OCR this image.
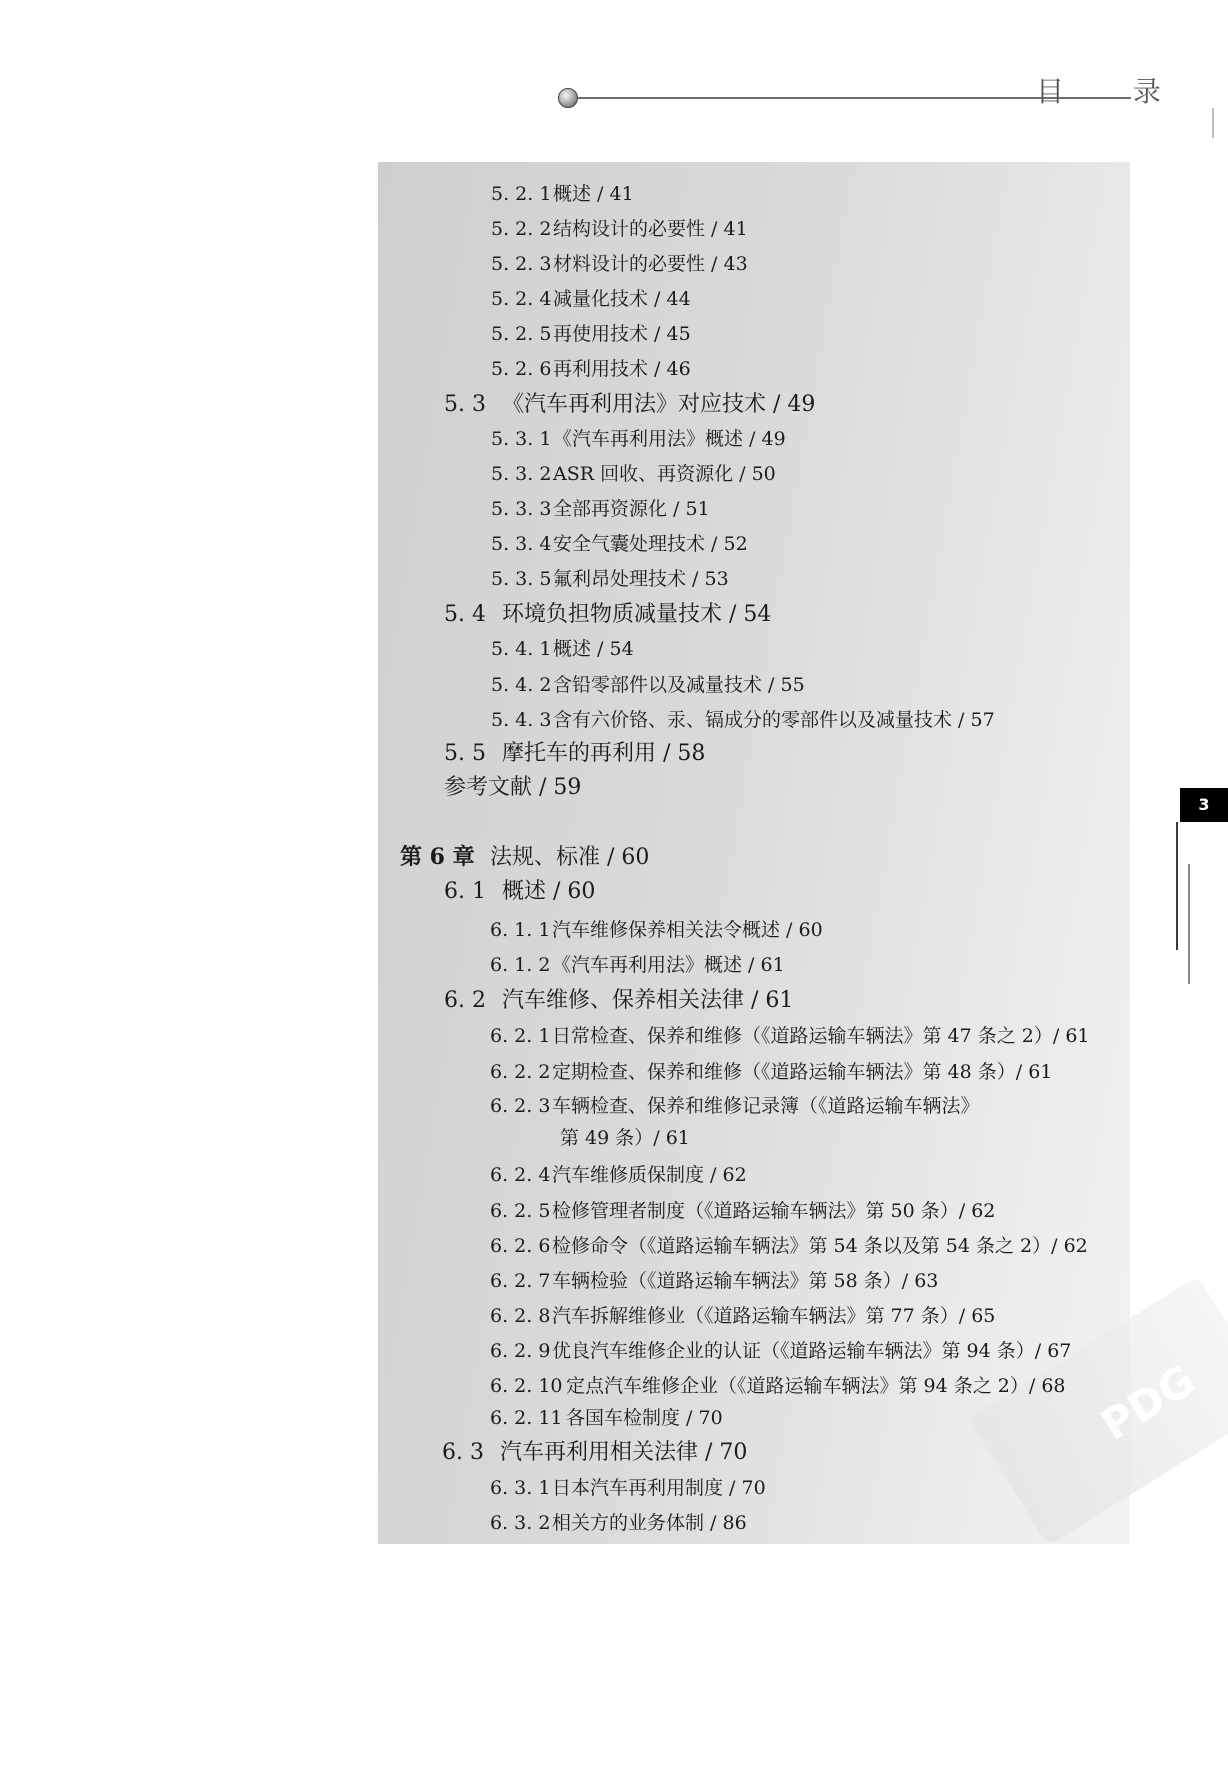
目 录
PDG
5. 2. 1概述 / 41
5. 2. 2结构设计的必要性 / 41
5. 2. 3材料设计的必要性 / 43
5. 2. 4减量化技术 / 44
5. 2. 5再使用技术 / 45
5. 2. 6再利用技术 / 46
5. 3 《汽车再利用法》对应技术 / 49
5. 3. 1《汽车再利用法》概述 / 49
5. 3. 2ASR 回收、再资源化 / 50
5. 3. 3全部再资源化 / 51
5. 3. 4安全气囊处理技术 / 52
5. 3. 5氟利昂处理技术 / 53
5. 4 环境负担物质减量技术 / 54
5. 4. 1概述 / 54
5. 4. 2含铅零部件以及减量技术 / 55
5. 4. 3含有六价铬、汞、镉成分的零部件以及减量技术 / 57
5. 5 摩托车的再利用 / 58
参考文献 / 59
第 6 章 法规、标准 / 60
6. 1 概述 / 60
6. 1. 1汽车维修保养相关法令概述 / 60
6. 1. 2《汽车再利用法》概述 / 61
6. 2 汽车维修、保养相关法律 / 61
6. 2. 1日常检查、保养和维修（《道路运输车辆法》第 47 条之 2）/ 61
6. 2. 2定期检查、保养和维修（《道路运输车辆法》第 48 条）/ 61
6. 2. 3车辆检查、保养和维修记录簿（《道路运输车辆法》
第 49 条）/ 61
6. 2. 4汽车维修质保制度 / 62
6. 2. 5检修管理者制度（《道路运输车辆法》第 50 条）/ 62
6. 2. 6检修命令（《道路运输车辆法》第 54 条以及第 54 条之 2）/ 62
6. 2. 7车辆检验（《道路运输车辆法》第 58 条）/ 63
6. 2. 8汽车拆解维修业（《道路运输车辆法》第 77 条）/ 65
6. 2. 9优良汽车维修企业的认证（《道路运输车辆法》第 94 条）/ 67
6. 2. 10 定点汽车维修企业（《道路运输车辆法》第 94 条之 2）/ 68
6. 2. 11 各国车检制度 / 70
6. 3 汽车再利用相关法律 / 70
6. 3. 1日本汽车再利用制度 / 70
6. 3. 2相关方的业务体制 / 86
3
